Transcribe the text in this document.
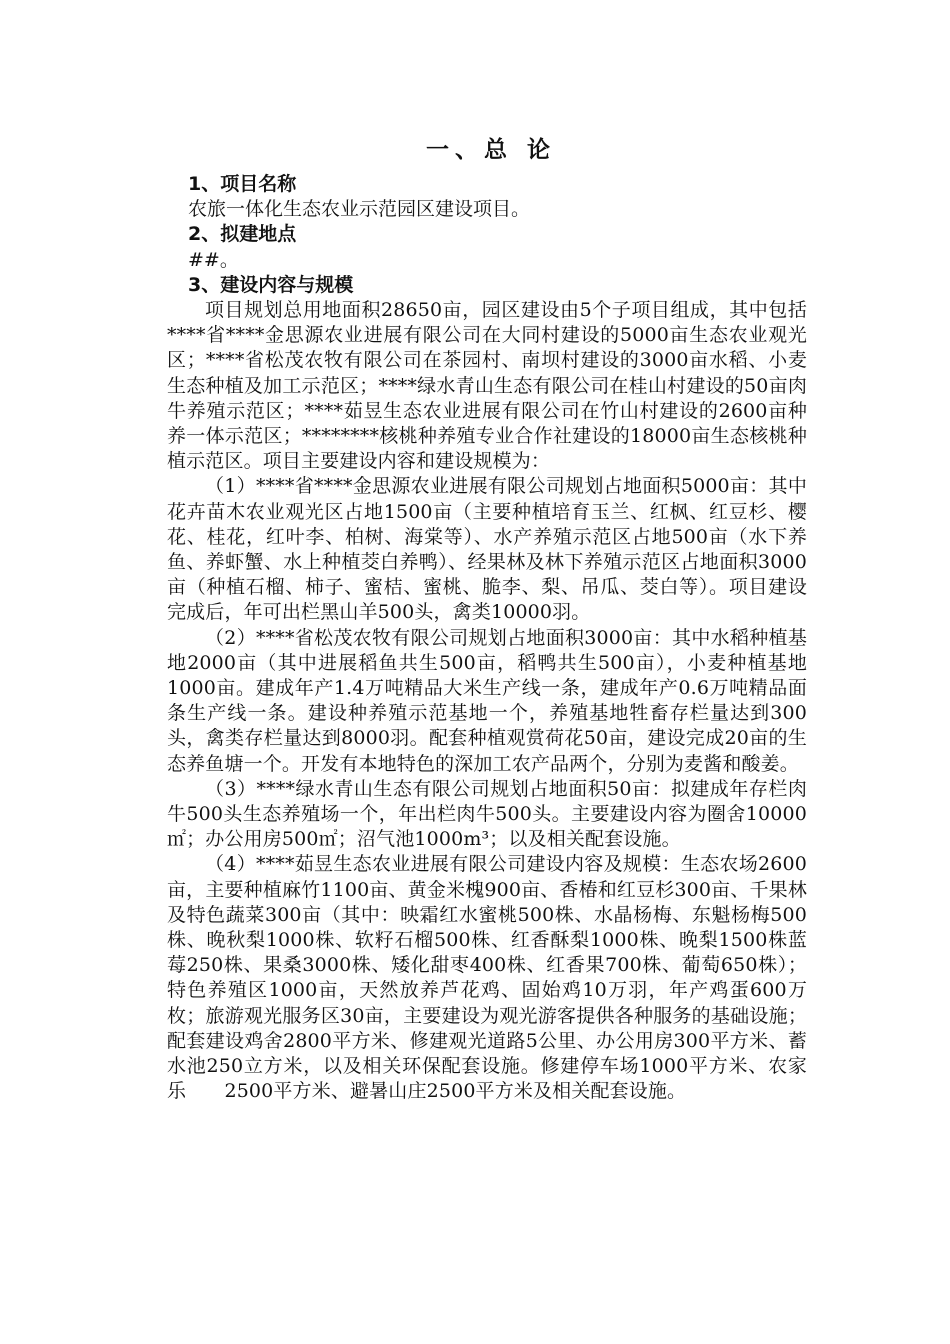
一、总 论
1、项目名称

农旅一体化生态农业示范园区建设项目。

2、拟建地点

##。

3、建设内容与规模

项目规划总用地面积28650亩，园区建设由5个子项目组成，其中包括****省****金思源农业进展有限公司在大同村建设的5000亩生态农业观光区；****省松茂农牧有限公司在茶园村、南坝村建设的3000亩水稻、小麦生态种植及加工示范区；****绿水青山生态有限公司在桂山村建设的50亩肉牛养殖示范区；****茹昱生态农业进展有限公司在竹山村建设的2600亩种养一体示范区；********核桃种养殖专业合作社建设的18000亩生态核桃种植示范区。项目主要建设内容和建设规模为：

（1）****省****金思源农业进展有限公司规划占地面积5000亩：其中花卉苗木农业观光区占地1500亩（主要种植培育玉兰、红枫、红豆杉、樱花、桂花，红叶李、柏树、海棠等）、水产养殖示范区占地500亩（水下养鱼、养虾蟹、水上种植茭白养鸭）、经果林及林下养殖示范区占地面积3000亩（种植石榴、柿子、蜜桔、蜜桃、脆李、梨、吊瓜、茭白等）。项目建设完成后，年可出栏黑山羊500头，禽类10000羽。

（2）****省松茂农牧有限公司规划占地面积3000亩：其中水稻种植基地2000亩（其中进展稻鱼共生500亩，稻鸭共生500亩），小麦种植基地1000亩。建成年产1.4万吨精品大米生产线一条，建成年产0.6万吨精品面条生产线一条。建设种养殖示范基地一个，养殖基地牲畜存栏量达到300头，禽类存栏量达到8000羽。配套种植观赏荷花50亩，建设完成20亩的生态养鱼塘一个。开发有本地特色的深加工农产品两个，分别为麦酱和酸姜。

（3）****绿水青山生态有限公司规划占地面积50亩：拟建成年存栏肉牛500头生态养殖场一个，年出栏肉牛500头。主要建设内容为圈舍10000㎡；办公用房500㎡；沼气池1000m³；以及相关配套设施。

（4）****茹昱生态农业进展有限公司建设内容及规模：生态农场2600亩，主要种植麻竹1100亩、黄金米槐900亩、香椿和红豆杉300亩、千果林及特色蔬菜300亩（其中：映霜红水蜜桃500株、水晶杨梅、东魁杨梅500株、晚秋梨1000株、软籽石榴500株、红香酥梨1000株、晚梨1500株蓝莓250株、果桑3000株、矮化甜枣400株、红香果700株、葡萄650株）；特色养殖区1000亩，天然放养芦花鸡、固始鸡10万羽，年产鸡蛋600万枚；旅游观光服务区30亩，主要建设为观光游客提供各种服务的基础设施；配套建设鸡舍2800平方米、修建观光道路5公里、办公用房300平方米、蓄水池250立方米，以及相关环保配套设施。修建停车场1000平方米、农家乐　　2500平方米、避暑山庄2500平方米及相关配套设施。
